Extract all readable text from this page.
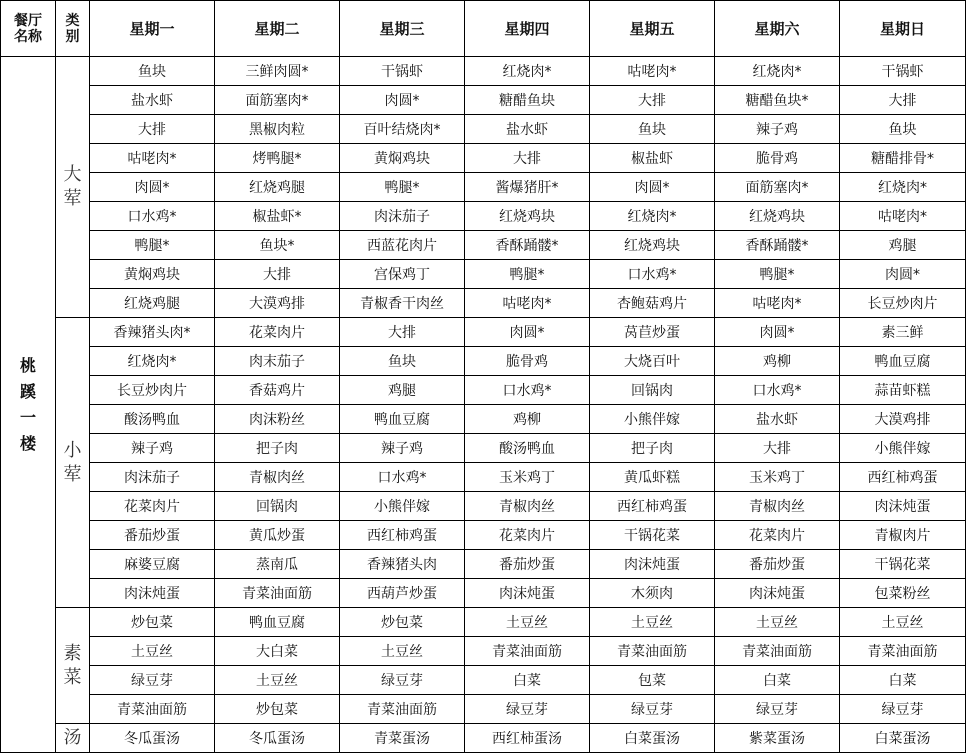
餐厅名称	类别	星期一	星期二	星期三	星期四	星期五	星期六	星期日
桃蹊一楼	大荤	鱼块	三鲜肉圆*	干锅虾	红烧肉*	咕咾肉*	红烧肉*	干锅虾
		盐水虾	面筋塞肉*	肉圆*	糖醋鱼块	大排	糖醋鱼块*	大排
		大排	黑椒肉粒	百叶结烧肉*	盐水虾	鱼块	辣子鸡	鱼块
		咕咾肉*	烤鸭腿*	黄焖鸡块	大排	椒盐虾	脆骨鸡	糖醋排骨*
		肉圆*	红烧鸡腿	鸭腿*	酱爆猪肝*	肉圆*	面筋塞肉*	红烧肉*
		口水鸡*	椒盐虾*	肉沫茄子	红烧鸡块	红烧肉*	红烧鸡块	咕咾肉*
		鸭腿*	鱼块*	西蓝花肉片	香酥踊髅*	红烧鸡块	香酥踊髅*	鸡腿
		黄焖鸡块	大排	宫保鸡丁	鸭腿*	口水鸡*	鸭腿*	肉圆*
		红烧鸡腿	大漠鸡排	青椒香干肉丝	咕咾肉*	杏鲍菇鸡片	咕咾肉*	长豆炒肉片
	小荤	香辣猪头肉*	花菜肉片	大排	肉圆*	莴苣炒蛋	肉圆*	素三鲜
		红烧肉*	肉末茄子	鱼块	脆骨鸡	大烧百叶	鸡柳	鸭血豆腐
		长豆炒肉片	香菇鸡片	鸡腿	口水鸡*	回锅肉	口水鸡*	蒜苗虾糕
		酸汤鸭血	肉沫粉丝	鸭血豆腐	鸡柳	小熊伴嫁	盐水虾	大漠鸡排
		辣子鸡	把子肉	辣子鸡	酸汤鸭血	把子肉	大排	小熊伴嫁
		肉沫茄子	青椒肉丝	口水鸡*	玉米鸡丁	黄瓜虾糕	玉米鸡丁	西红柿鸡蛋
		花菜肉片	回锅肉	小熊伴嫁	青椒肉丝	西红柿鸡蛋	青椒肉丝	肉沫炖蛋
		番茄炒蛋	黄瓜炒蛋	西红柿鸡蛋	花菜肉片	干锅花菜	花菜肉片	青椒肉片
		麻婆豆腐	蒸南瓜	香辣猪头肉	番茄炒蛋	肉沫炖蛋	番茄炒蛋	干锅花菜
		肉沫炖蛋	青菜油面筋	西葫芦炒蛋	肉沫炖蛋	木须肉	肉沫炖蛋	包菜粉丝
	素菜	炒包菜	鸭血豆腐	炒包菜	土豆丝	土豆丝	土豆丝	土豆丝
		土豆丝	大白菜	土豆丝	青菜油面筋	青菜油面筋	青菜油面筋	青菜油面筋
		绿豆芽	土豆丝	绿豆芽	白菜	包菜	白菜	白菜
		青菜油面筋	炒包菜	青菜油面筋	绿豆芽	绿豆芽	绿豆芽	绿豆芽
	汤	冬瓜蛋汤	冬瓜蛋汤	青菜蛋汤	西红柿蛋汤	白菜蛋汤	紫菜蛋汤	白菜蛋汤
